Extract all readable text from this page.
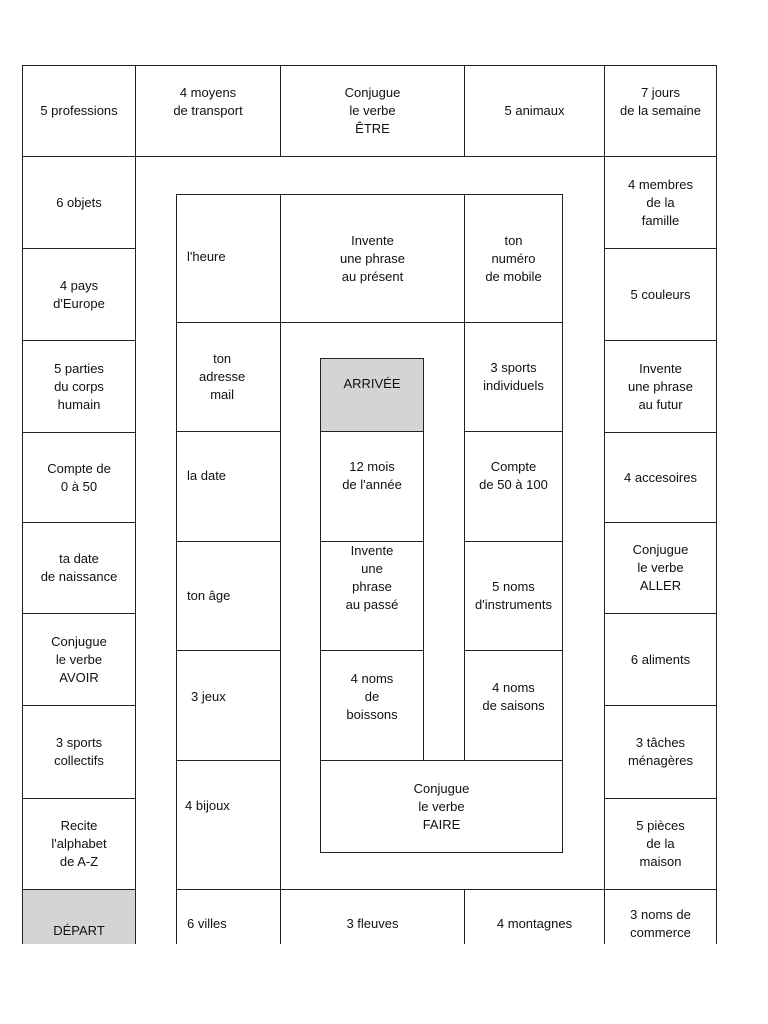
5 professions
4 moyens
de transport
Conjugue
le verbe
ÊTRE
5 animaux
7 jours
de la semaine
6 objets
4 pays
d'Europe
5 parties
du corps
humain
Compte de
0 à 50
ta date
de naissance
Conjugue
le verbe
AVOIR
3 sports
collectifs
Recite
l'alphabet
de A-Z
DÉPART
4 membres
de la
famille
5 couleurs
Invente
une phrase
au futur
4 accesoires
Conjugue
le verbe
ALLER
6 aliments
3 tâches
ménagères
5 pièces
de la
maison
6 villes	3 fleuves	4 montagnes
3 noms de
commerce
l'heure
Invente
une phrase
au présent
ton
numéro
de mobile
ton
adresse
mail
la date
ton âge
3 jeux
4 bijoux
3 sports
individuels
Compte
de 50 à 100
5 noms
d'instruments
4 noms
de saisons
Conjugue
le verbe
FAIRE
ARRIVÉE
12 mois
de l'année
Invente
une
phrase
au passé
4 noms
de
boissons
